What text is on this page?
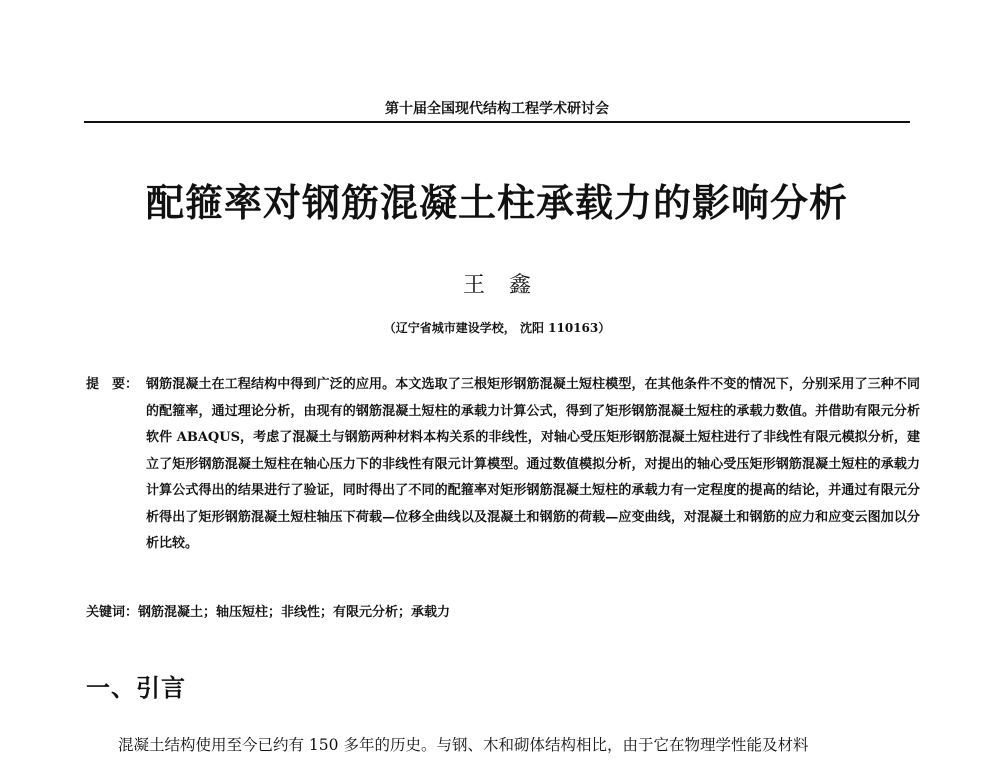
第十届全国现代结构工程学术研讨会
配箍率对钢筋混凝土柱承载力的影响分析
王 鑫
（辽宁省城市建设学校， 沈阳 110163）
提　要： 钢筋混凝土在工程结构中得到广泛的应用。本文选取了三根矩形钢筋混凝土短柱模型，在其他条件不变的情况下，分别采用了三种不同的配箍率，通过理论分析，由现有的钢筋混凝土短柱的承载力计算公式，得到了矩形钢筋混凝土短柱的承载力数值。并借助有限元分析软件 ABAQUS，考虑了混凝土与钢筋两种材料本构关系的非线性，对轴心受压矩形钢筋混凝土短柱进行了非线性有限元模拟分析，建立了矩形钢筋混凝土短柱在轴心压力下的非线性有限元计算模型。通过数值模拟分析，对提出的轴心受压矩形钢筋混凝土短柱的承载力计算公式得出的结果进行了验证，同时得出了不同的配箍率对矩形钢筋混凝土短柱的承载力有一定程度的提高的结论，并通过有限元分析得出了矩形钢筋混凝土短柱轴压下荷载—位移全曲线以及混凝土和钢筋的荷载—应变曲线，对混凝土和钢筋的应力和应变云图加以分析比较。
关键词：钢筋混凝土；轴压短柱；非线性；有限元分析；承载力
一、引言
混凝土结构使用至今已约有 150 多年的历史。与钢、木和砌体结构相比，由于它在物理学性能及材料
